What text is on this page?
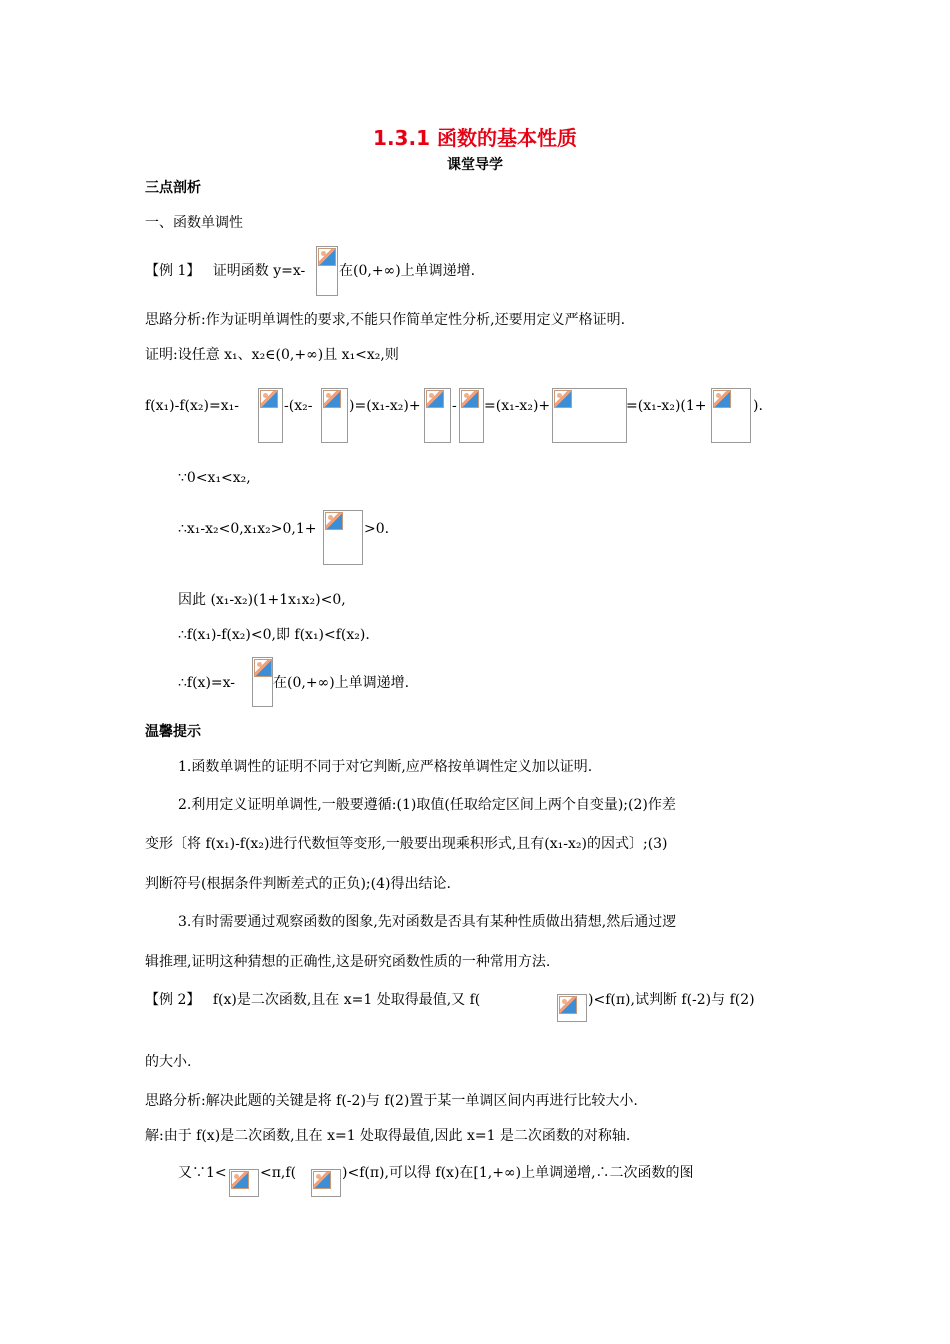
1.3.1 函数的基本性质
课堂导学
三点剖析
一、函数单调性
【例 1】 证明函数 y=x- 在(0,+∞)上单调递增.
思路分析:作为证明单调性的要求,不能只作简单定性分析,还要用定义严格证明.
证明:设任意 x₁、x₂∈(0,+∞)且 x₁<x₂,则
f(x₁)-f(x₂)=x₁-	-(x₂-	)=(x₁-x₂)+ - =(x₁-x₂)+	=(x₁-x₂)(1+	).
∵0<x₁<x₂,
∴x₁-x₂<0,x₁x₂>0,1+	>0.
因此 (x₁-x₂)(1+1x₁x₂)<0,
∴f(x₁)-f(x₂)<0,即 f(x₁)<f(x₂).
∴f(x)=x-	在(0,+∞)上单调递增.
温馨提示
1.函数单调性的证明不同于对它判断,应严格按单调性定义加以证明.
2.利用定义证明单调性,一般要遵循:(1)取值(任取给定区间上两个自变量);(2)作差
变形〔将 f(x₁)-f(x₂)进行代数恒等变形,一般要出现乘积形式,且有(x₁-x₂)的因式〕;(3)
判断符号(根据条件判断差式的正负);(4)得出结论.
3.有时需要通过观察函数的图象,先对函数是否具有某种性质做出猜想,然后通过逻
辑推理,证明这种猜想的正确性,这是研究函数性质的一种常用方法.
【例 2】 f(x)是二次函数,且在 x=1 处取得最值,又 f(	)<f(π),试判断 f(-2)与 f(2)
的大小.
思路分析:解决此题的关键是将 f(-2)与 f(2)置于某一单调区间内再进行比较大小.
解:由于 f(x)是二次函数,且在 x=1 处取得最值,因此 x=1 是二次函数的对称轴.
又∵1< <π,f(	)<f(π),可以得 f(x)在[1,+∞)上单调递增,∴二次函数的图
